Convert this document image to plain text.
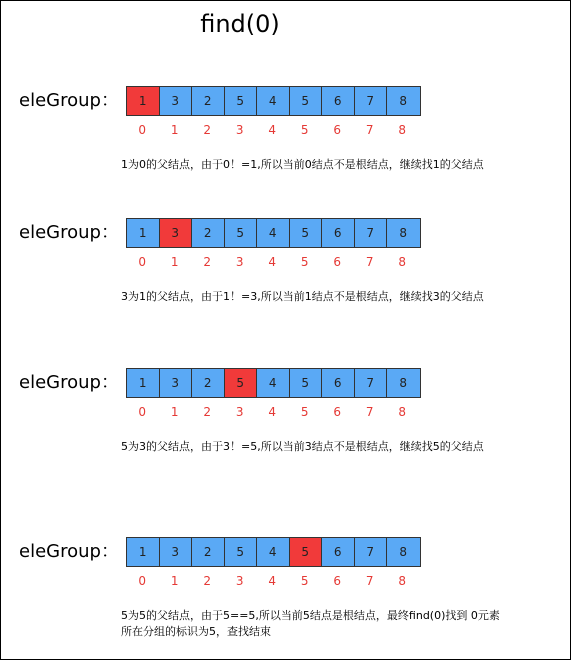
find(0)
eleGroup：	1	3	2	5	4	5	6	7	8
0	1	2	3	4	5	6	7	8
1为0的父结点，由于0！=1,所以当前0结点不是根结点，继续找1的父结点
eleGroup：	1	3	2	5	4	5	6	7	8
0	1	2	3	4	5	6	7	8
3为1的父结点，由于1！=3,所以当前1结点不是根结点，继续找3的父结点
eleGroup：	1	3	2	5	4	5	6	7	8
0	1	2	3	4	5	6	7	8
5为3的父结点，由于3！=5,所以当前3结点不是根结点，继续找5的父结点
eleGroup：	1	3	2	5	4	5	6	7	8
0	1	2	3	4	5	6	7	8
5为5的父结点，由于5==5,所以当前5结点是根结点，最终find(0)找到 0元素
所在分组的标识为5，查找结束
